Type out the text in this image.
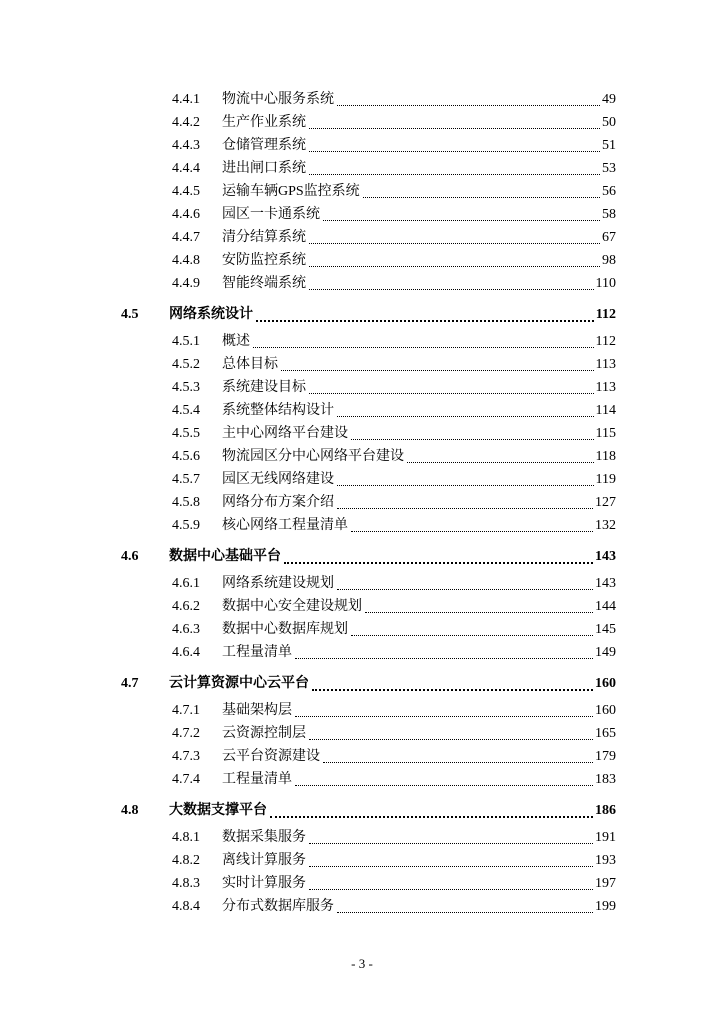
4.4.1 物流中心服务系统	49
4.4.2 生产作业系统	50
4.4.3 仓储管理系统	51
4.4.4 进出闸口系统	53
4.4.5 运输车辆GPS监控系统	56
4.4.6 园区一卡通系统	58
4.4.7 清分结算系统	67
4.4.8 安防监控系统	98
4.4.9 智能终端系统	110
4.5 网络系统设计	112
4.5.1 概述	112
4.5.2 总体目标	113
4.5.3 系统建设目标	113
4.5.4 系统整体结构设计	114
4.5.5 主中心网络平台建设	115
4.5.6 物流园区分中心网络平台建设	118
4.5.7 园区无线网络建设	119
4.5.8 网络分布方案介绍	127
4.5.9 核心网络工程量清单	132
4.6 数据中心基础平台	143
4.6.1 网络系统建设规划	143
4.6.2 数据中心安全建设规划	144
4.6.3 数据中心数据库规划	145
4.6.4 工程量清单	149
4.7 云计算资源中心云平台	160
4.7.1 基础架构层	160
4.7.2 云资源控制层	165
4.7.3 云平台资源建设	179
4.7.4 工程量清单	183
4.8 大数据支撑平台	186
4.8.1 数据采集服务	191
4.8.2 离线计算服务	193
4.8.3 实时计算服务	197
4.8.4 分布式数据库服务	199
- 3 -
